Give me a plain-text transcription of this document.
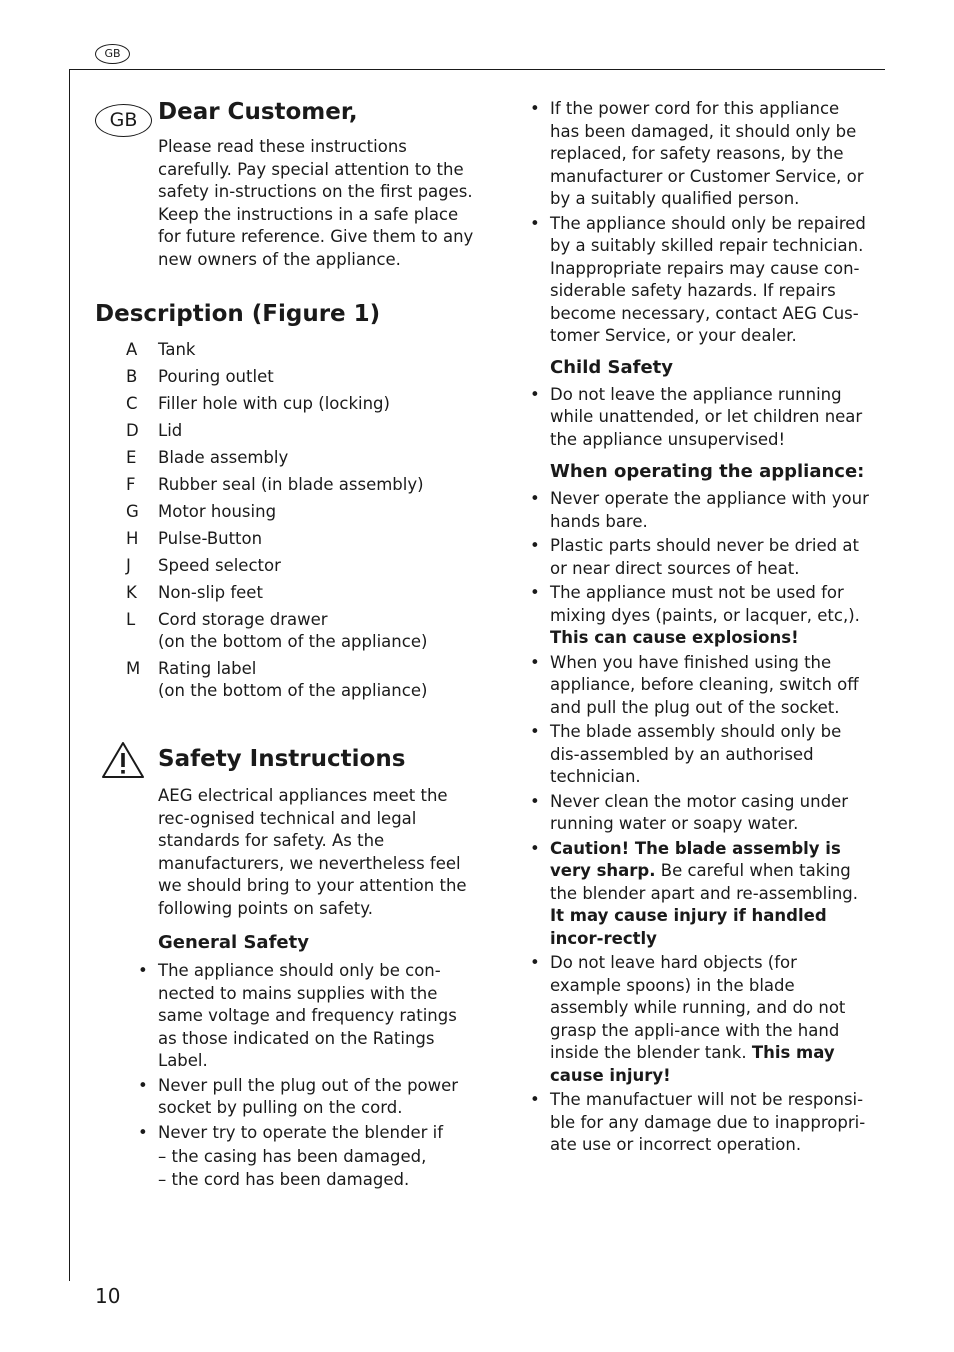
GB
10
GB Dear Customer,

Please read these instructions carefully. Pay special attention to the safety in-structions on the first pages. Keep the instructions in a safe place for future reference. Give them to any new owners of the appliance.

Description (Figure 1)
A	Tank
B	Pouring outlet
C	Filler hole with cup (locking)
D	Lid
E	Blade assembly
F	Rubber seal (in blade assembly)
G	Motor housing
H	Pulse-Button
J	Speed selector
K	Non-slip feet
L	Cord storage drawer
(on the bottom of the appliance)
M	Rating label
(on the bottom of the appliance)
Safety Instructions

AEG electrical appliances meet the rec-ognised technical and legal standards for safety. As the manufacturers, we nevertheless feel we should bring to your attention the following points on safety.

General Safety
• The appliance should only be con-nected to mains supplies with the same voltage and frequency ratings as those indicated on the Ratings Label.
• Never pull the plug out of the power socket by pulling on the cord.
• Never try to operate the blender if
– the casing has been damaged,
– the cord has been damaged.
• If the power cord for this appliance has been damaged, it should only be replaced, for safety reasons, by the manufacturer or Customer Service, or by a suitably qualified person.
• The appliance should only be repaired by a suitably skilled repair technician. Inappropriate repairs may cause con-siderable safety hazards. If repairs become necessary, contact AEG Cus-tomer Service, or your dealer.
Child Safety
• Do not leave the appliance running while unattended, or let children near the appliance unsupervised!
When operating the appliance:
• Never operate the appliance with your hands bare.
• Plastic parts should never be dried at or near direct sources of heat.
• The appliance must not be used for mixing dyes (paints, or lacquer, etc,). This can cause explosions!
• When you have finished using the appliance, before cleaning, switch off and pull the plug out of the socket.
• The blade assembly should only be dis-assembled by an authorised technician.
• Never clean the motor casing under running water or soapy water.
• Caution! The blade assembly is very sharp. Be careful when taking the blender apart and re-assembling. It may cause injury if handled incor-rectly
• Do not leave hard objects (for example spoons) in the blade assembly while running, and do not grasp the appli-ance with the hand inside the blender tank. This may cause injury!
• The manufactuer will not be responsi-ble for any damage due to inappropri-ate use or incorrect operation.
